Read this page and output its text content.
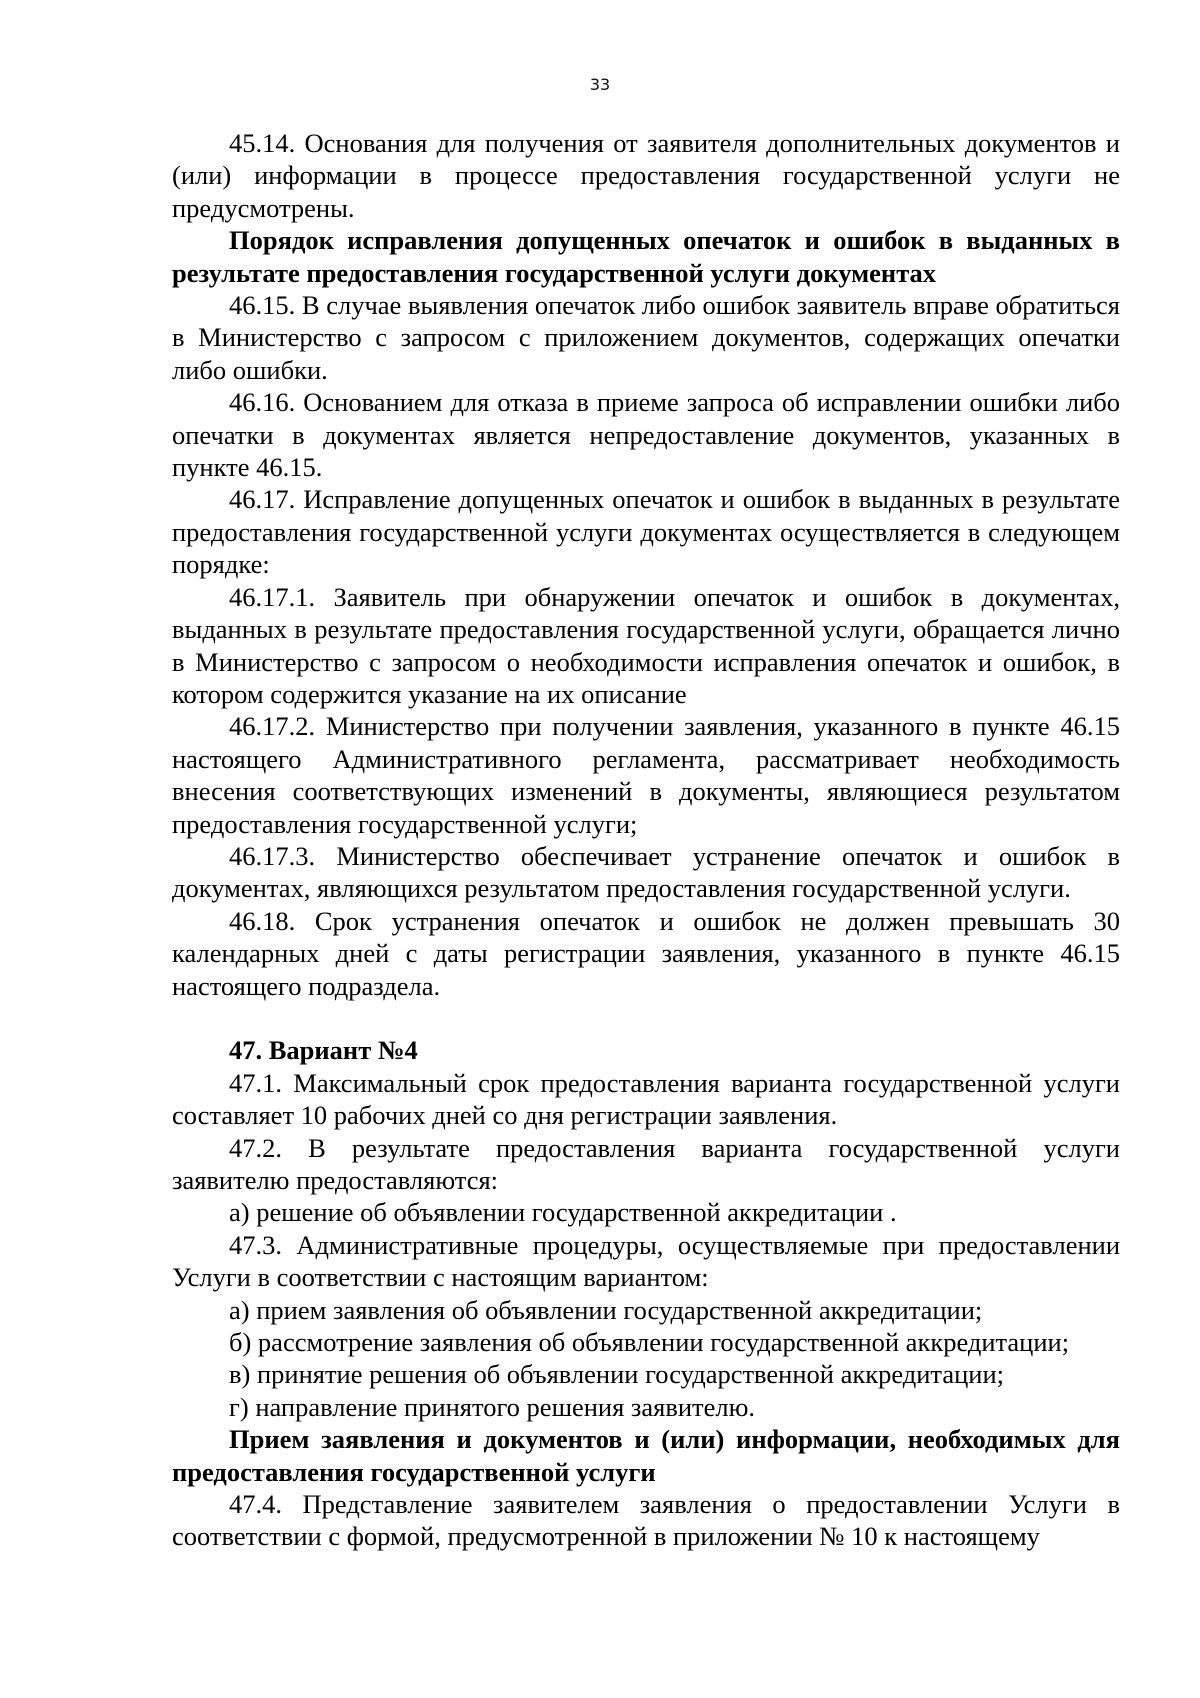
33

45.14. Основания для получения от заявителя дополнительных документов и (или) информации в процессе предоставления государственной услуги не предусмотрены.

Порядок исправления допущенных опечаток и ошибок в выданных в результате предоставления государственной услуги документах

46.15. В случае выявления опечаток либо ошибок заявитель вправе обратиться в Министерство с запросом с приложением документов, содержащих опечатки либо ошибки.

46.16. Основанием для отказа в приеме запроса об исправлении ошибки либо опечатки в документах является непредоставление документов, указанных в пункте 46.15.

46.17. Исправление допущенных опечаток и ошибок в выданных в результате предоставления государственной услуги документах осуществляется в следующем порядке:

46.17.1. Заявитель при обнаружении опечаток и ошибок в документах, выданных в результате предоставления государственной услуги, обращается лично в Министерство с запросом о необходимости исправления опечаток и ошибок, в котором содержится указание на их описание

46.17.2. Министерство при получении заявления, указанного в пункте 46.15 настоящего Административного регламента, рассматривает необходимость внесения соответствующих изменений в документы, являющиеся результатом предоставления государственной услуги;

46.17.3. Министерство обеспечивает устранение опечаток и ошибок в документах, являющихся результатом предоставления государственной услуги.

46.18. Срок устранения опечаток и ошибок не должен превышать 30 календарных дней с даты регистрации заявления, указанного в пункте 46.15 настоящего подраздела.

47. Вариант №4

47.1. Максимальный срок предоставления варианта государственной услуги составляет 10 рабочих дней со дня регистрации заявления.

47.2. В результате предоставления варианта государственной услуги заявителю предоставляются:

а) решение об объявлении государственной аккредитации .

47.3. Административные процедуры, осуществляемые при предоставлении Услуги в соответствии с настоящим вариантом:

а) прием заявления об объявлении государственной аккредитации;

б) рассмотрение заявления об объявлении государственной аккредитации;

в) принятие решения об объявлении государственной аккредитации;

г) направление принятого решения заявителю.

Прием заявления и документов и (или) информации, необходимых для предоставления государственной услуги

47.4. Представление заявителем заявления о предоставлении Услуги в соответствии с формой, предусмотренной в приложении № 10 к настоящему
